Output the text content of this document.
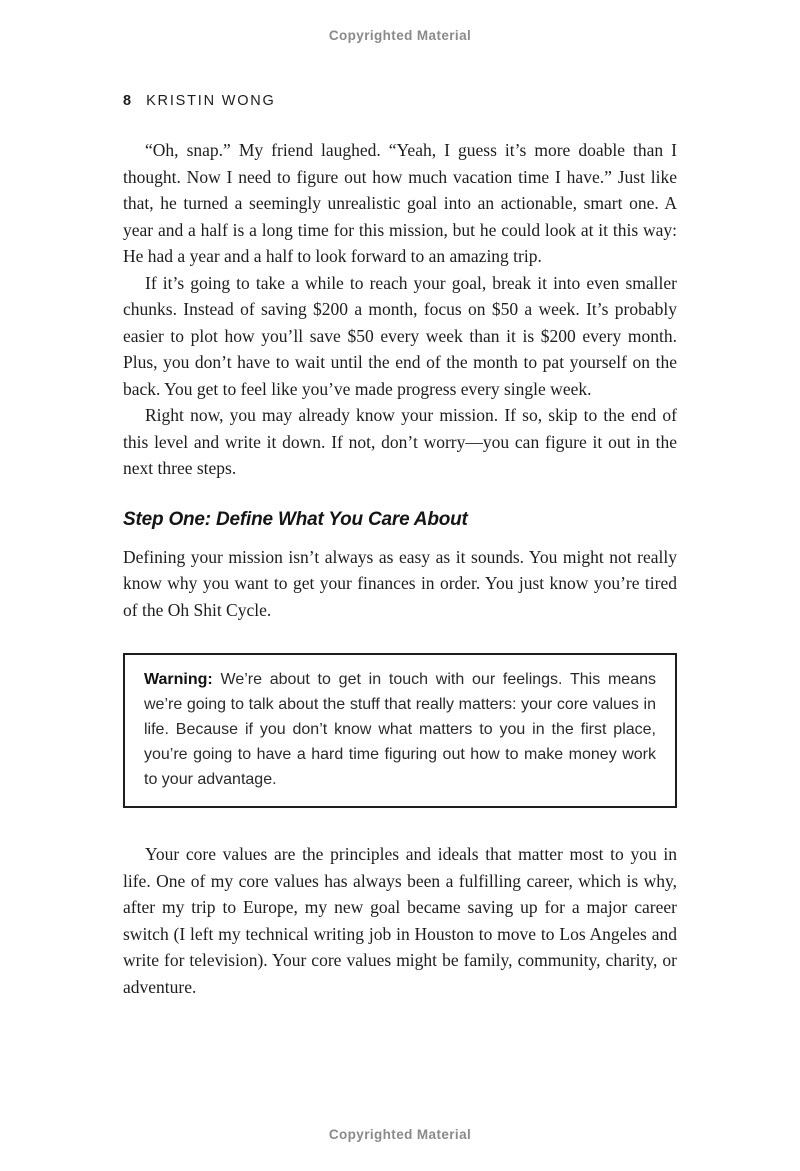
Copyrighted Material
8 KRISTIN WONG

“Oh, snap.” My friend laughed. “Yeah, I guess it’s more doable than I thought. Now I need to figure out how much vacation time I have.” Just like that, he turned a seemingly unrealistic goal into an actionable, smart one. A year and a half is a long time for this mission, but he could look at it this way: He had a year and a half to look forward to an amazing trip.

If it’s going to take a while to reach your goal, break it into even smaller chunks. Instead of saving $200 a month, focus on $50 a week. It’s probably easier to plot how you’ll save $50 every week than it is $200 every month. Plus, you don’t have to wait until the end of the month to pat yourself on the back. You get to feel like you’ve made progress every single week.

Right now, you may already know your mission. If so, skip to the end of this level and write it down. If not, don’t worry—you can figure it out in the next three steps.

Step One: Define What You Care About

Defining your mission isn’t always as easy as it sounds. You might not really know why you want to get your finances in order. You just know you’re tired of the Oh Shit Cycle.

Warning: We’re about to get in touch with our feelings. This means we’re going to talk about the stuff that really matters: your core values in life. Because if you don’t know what matters to you in the first place, you’re going to have a hard time figuring out how to make money work to your advantage.

Your core values are the principles and ideals that matter most to you in life. One of my core values has always been a fulfilling career, which is why, after my trip to Europe, my new goal became saving up for a major career switch (I left my technical writing job in Houston to move to Los Angeles and write for television). Your core values might be family, community, charity, or adventure.

Copyrighted Material
